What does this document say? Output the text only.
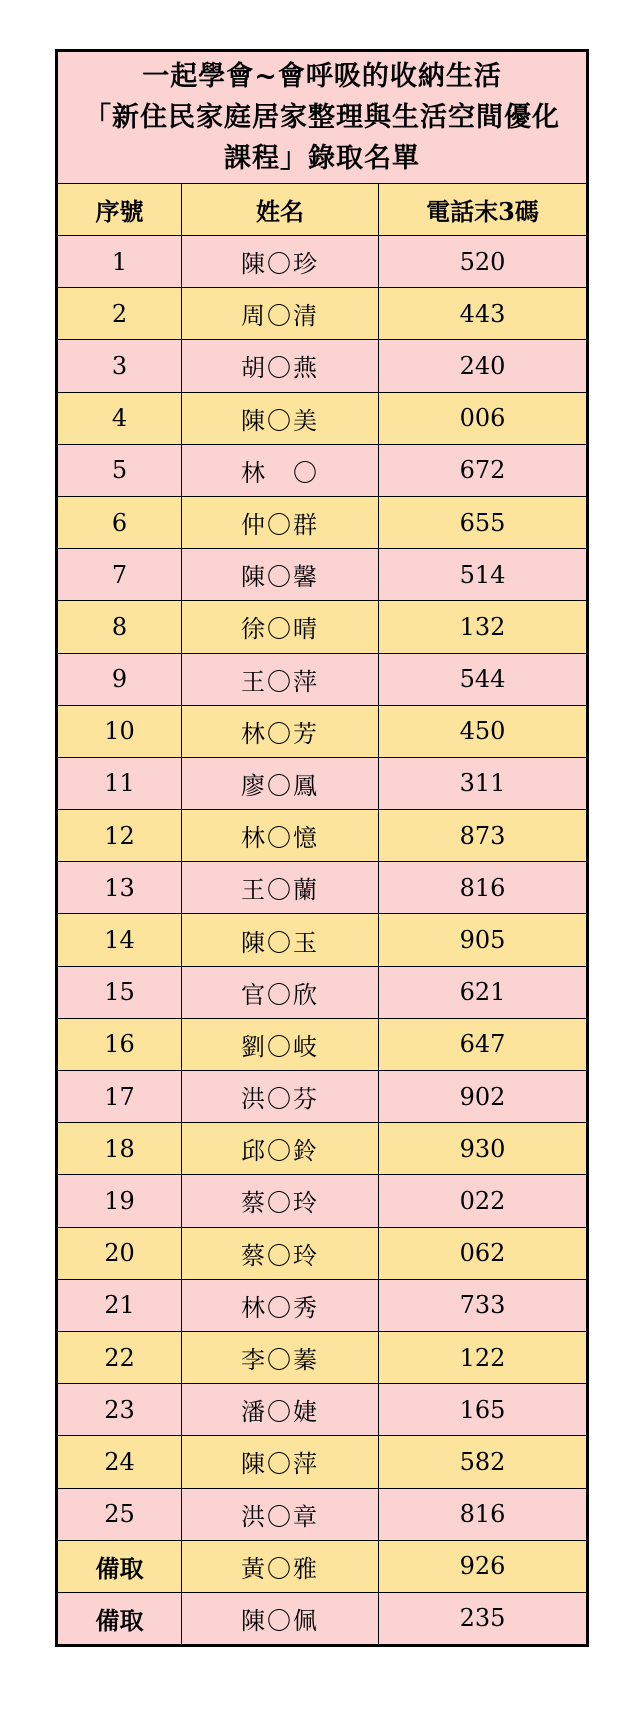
一起學會~會呼吸的收納生活
「新住民家庭居家整理與生活空間優化
課程」錄取名單		

序號	姓名	電話末3碼
1	陳〇珍	520
2	周〇清	443
3	胡〇燕	240
4	陳〇美	006
5	林　〇	672
6	仲〇群	655
7	陳〇馨	514
8	徐〇晴	132
9	王〇萍	544
10	林〇芳	450
11	廖〇鳳	311
12	林〇憶	873
13	王〇蘭	816
14	陳〇玉	905
15	官〇欣	621
16	劉〇岐	647
17	洪〇芬	902
18	邱〇鈴	930
19	蔡〇玲	022
20	蔡〇玲	062
21	林〇秀	733
22	李〇蓁	122
23	潘〇婕	165
24	陳〇萍	582
25	洪〇章	816
備取	黃〇雅	926
備取	陳〇佩	235
